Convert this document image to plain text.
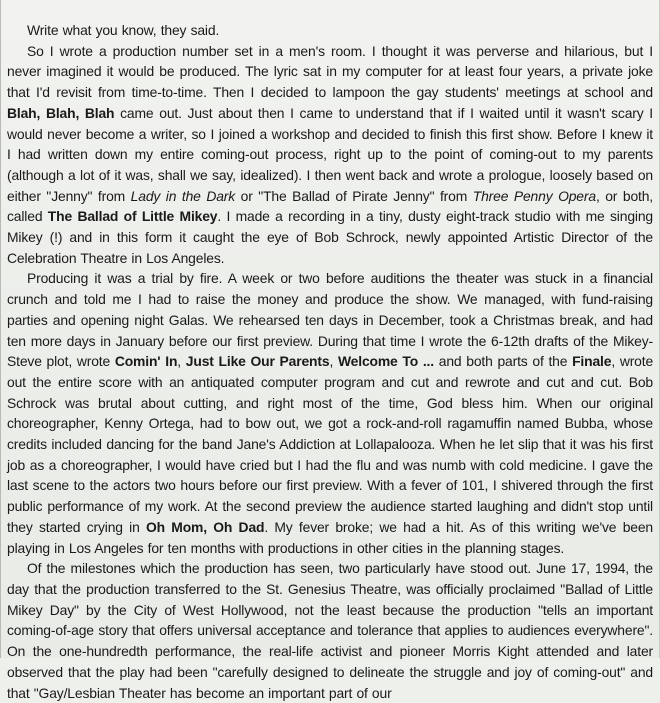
Write what you know, they said.

So I wrote a production number set in a men's room. I thought it was perverse and hilarious, but I never imagined it would be produced. The lyric sat in my computer for at least four years, a private joke that I'd revisit from time-to-time. Then I decided to lampoon the gay students' meetings at school and Blah, Blah, Blah came out. Just about then I came to understand that if I waited until it wasn't scary I would never become a writer, so I joined a workshop and decided to finish this first show. Before I knew it I had written down my entire coming-out process, right up to the point of coming-out to my parents (although a lot of it was, shall we say, idealized). I then went back and wrote a prologue, loosely based on either "Jenny" from Lady in the Dark or "The Ballad of Pirate Jenny" from Three Penny Opera, or both, called The Ballad of Little Mikey. I made a recording in a tiny, dusty eight-track studio with me singing Mikey (!) and in this form it caught the eye of Bob Schrock, newly appointed Artistic Director of the Celebration Theatre in Los Angeles.

Producing it was a trial by fire. A week or two before auditions the theater was stuck in a financial crunch and told me I had to raise the money and produce the show. We managed, with fund-raising parties and opening night Galas. We rehearsed ten days in December, took a Christmas break, and had ten more days in January before our first preview. During that time I wrote the 6-12th drafts of the Mikey-Steve plot, wrote Comin' In, Just Like Our Parents, Welcome To ... and both parts of the Finale, wrote out the entire score with an antiquated computer program and cut and rewrote and cut and cut. Bob Schrock was brutal about cutting, and right most of the time, God bless him. When our original choreographer, Kenny Ortega, had to bow out, we got a rock-and-roll ragamuffin named Bubba, whose credits included dancing for the band Jane's Addiction at Lollapalooza. When he let slip that it was his first job as a choreographer, I would have cried but I had the flu and was numb with cold medicine. I gave the last scene to the actors two hours before our first preview. With a fever of 101, I shivered through the first public performance of my work. At the second preview the audience started laughing and didn't stop until they started crying in Oh Mom, Oh Dad. My fever broke; we had a hit. As of this writing we've been playing in Los Angeles for ten months with productions in other cities in the planning stages.

Of the milestones which the production has seen, two particularly have stood out. June 17, 1994, the day that the production transferred to the St. Genesius Theatre, was officially proclaimed "Ballad of Little Mikey Day" by the City of West Hollywood, not the least because the production "tells an important coming-of-age story that offers universal acceptance and tolerance that applies to audiences everywhere". On the one-hundredth performance, the real-life activist and pioneer Morris Kight attended and later observed that the play had been "carefully designed to delineate the struggle and joy of coming-out" and that "Gay/Lesbian Theater has become an important part of our
